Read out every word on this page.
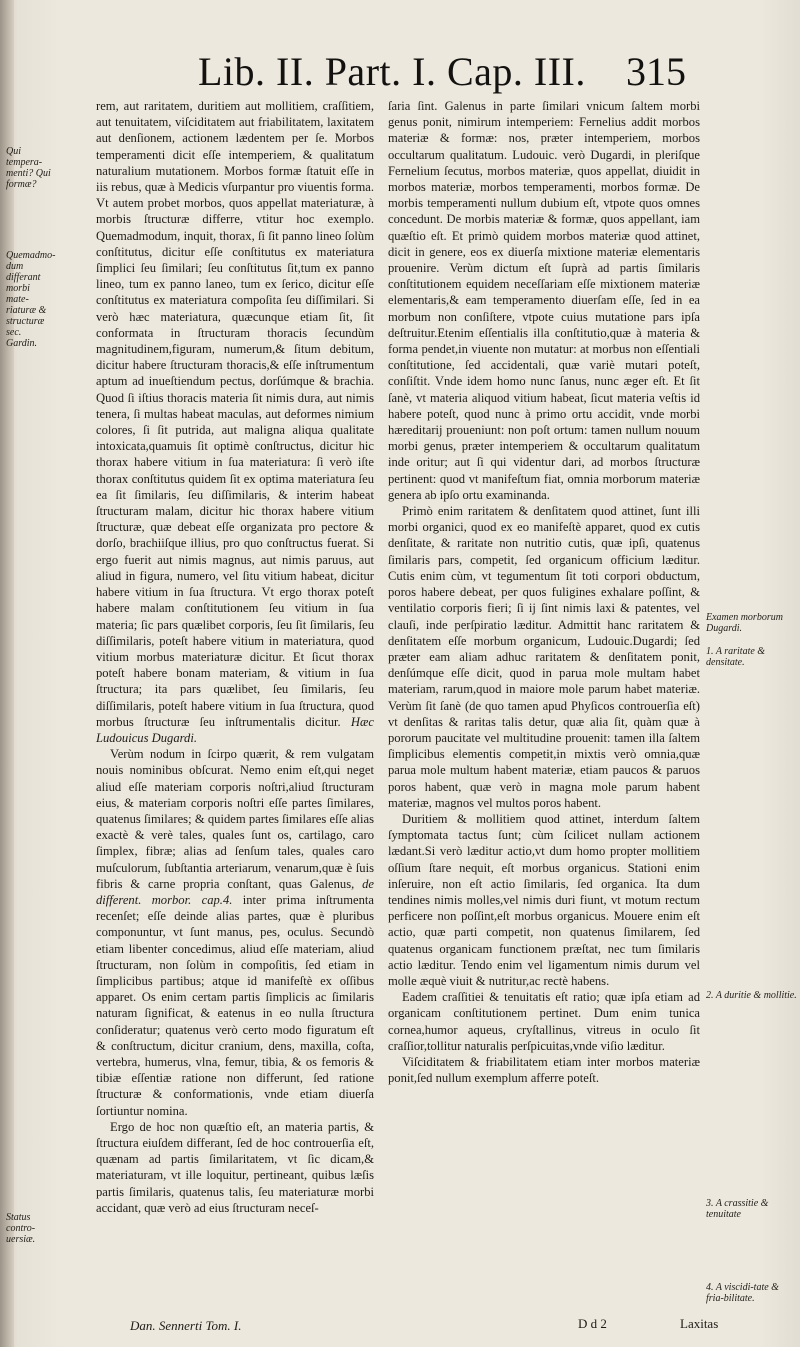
Lib. II. Part. I. Cap. III. 315
Qui tempera-menti? Qui formæ?
Quemadmo-dum differant morbi mate-riaturæ & structuræ sec. Gardin.
Status contro-uersiæ.
Examen morborum Dugardi.
1. A raritate & densitate.
2. A duritie & mollitie.
3. A crassitie & tenuitate
4. A viscidi-tate & fria-bilitate.

rem, aut raritatem, duritiem aut mollitiem, craſſitiem, aut tenuitatem, viſciditatem aut friabilitatem, laxitatem aut denſionem, actionem lædentem per ſe. Morbos temperamenti dicit eſſe intemperiem, & qualitatum naturalium mutationem. Morbos formæ ſtatuit eſſe in iis rebus, quæ à Medicis vſurpantur pro viuentis forma. Vt autem probet morbos, quos appellat materiaturæ, à morbis ſtructuræ differre, vtitur hoc exemplo. Quemadmodum, inquit, thorax, ſi ſit panno lineo ſolùm conſtitutus, dicitur eſſe conſtitutus ex materiatura ſimplici ſeu ſimilari; ſeu conſtitutus ſit,tum ex panno lineo, tum ex panno laneo, tum ex ſerico, dicitur eſſe conſtitutus ex materiatura compoſita ſeu diſſimilari. Si verò hæc materiatura, quæcunque etiam ſit, ſit conformata in ſtructuram thoracis ſecundùm magnitudinem,figuram, numerum,& ſitum debitum, dicitur habere ſtructuram thoracis,& eſſe inſtrumentum aptum ad inueſtiendum pectus, dorſúmque & brachia. Quod ſi iſtius thoracis materia ſit nimis dura, aut nimis tenera, ſi multas habeat maculas, aut deformes nimium colores, ſi ſit putrida, aut maligna aliqua qualitate intoxicata,quamuis ſit optimè conſtructus, dicitur hic thorax habere vitium in ſua materiatura: ſi verò iſte thorax conſtitutus quidem ſit ex optima materiatura ſeu ea ſit ſimilaris, ſeu diſſimilaris, & interim habeat ſtructuram malam, dicitur hic thorax habere vitium ſtructuræ, quæ debeat eſſe organizata pro pectore & dorſo, brachiiſque illius, pro quo conſtructus fuerat. Si ergo fuerit aut nimis magnus, aut nimis paruus, aut aliud in figura, numero, vel ſitu vitium habeat, dicitur habere vitium in ſua ſtructura. Vt ergo thorax poteſt habere malam conſtitutionem ſeu vitium in ſua materia; ſic pars quælibet corporis, ſeu ſit ſimilaris, ſeu diſſimilaris, poteſt habere vitium in materiatura, quod vitium morbus materiaturæ dicitur. Et ſicut thorax poteſt habere bonam materiam, & vitium in ſua ſtructura; ita pars quælibet, ſeu ſimilaris, ſeu diſſimilaris, poteſt habere vitium in ſua ſtructura, quod morbus ſtructuræ ſeu inſtrumentalis dicitur. Hæc Ludouicus Dugardi.

Verùm nodum in ſcirpo quærit, & rem vulgatam nouis nominibus obſcurat. Nemo enim eſt,qui neget aliud eſſe materiam corporis noſtri,aliud ſtructuram eius, & materiam corporis noſtri eſſe partes ſimilares, quatenus ſimilares; & quidem partes ſimilares eſſe alias exactè & verè tales, quales ſunt os, cartilago, caro ſimplex, fibræ; alias ad ſenſum tales, quales caro muſculorum, ſubſtantia arteriarum, venarum,quæ è ſuis fibris & carne propria conſtant, quas Galenus, de different. morbor. cap.4. inter prima inſtrumenta recenſet; eſſe deinde alias partes, quæ è pluribus componuntur, vt ſunt manus, pes, oculus. Secundò etiam libenter concedimus, aliud eſſe materiam, aliud ſtructuram, non ſolùm in compoſitis, ſed etiam in ſimplicibus partibus; atque id manifeſtè ex oſſibus apparet. Os enim certam partis ſimplicis ac ſimilaris naturam ſignificat, & eatenus in eo nulla ſtructura conſideratur; quatenus verò certo modo figuratum eſt & conſtructum, dicitur cranium, dens, maxilla, coſta, vertebra, humerus, vlna, femur, tibia, & os femoris & tibiæ eſſentiæ ratione non differunt, ſed ratione ſtructuræ & conformationis, vnde etiam diuerſa ſortiuntur nomina.

Ergo de hoc non quæſtio eſt, an materia partis, & ſtructura eiuſdem differant, ſed de hoc controuerſia eſt, quænam ad partis ſimilaritatem, vt ſic dicam,& materiaturam, vt ille loquitur, pertineant, quibus læſis partis ſimilaris, quatenus talis, ſeu materiaturæ morbi accidant, quæ verò ad eius ſtructuram neceſ-

ſaria ſint. Galenus in parte ſimilari vnicum ſaltem morbi genus ponit, nimirum intemperiem: Fernelius addit morbos materiæ & formæ: nos, præter intemperiem, morbos occultarum qualitatum. Ludouic. verò Dugardi, in pleriſque Fernelium ſecutus, morbos materiæ, quos appellat, diuidit in morbos materiæ, morbos temperamenti, morbos formæ. De morbis temperamenti nullum dubium eſt, vtpote quos omnes concedunt. De morbis materiæ & formæ, quos appellant, iam quæſtio eſt. Et primò quidem morbos materiæ quod attinet, dicit in genere, eos ex diuerſa mixtione materiæ elementaris prouenire. Verùm dictum eſt ſuprà ad partis ſimilaris conſtitutionem equidem neceſſariam eſſe mixtionem materiæ elementaris,& eam temperamento diuerſam eſſe, ſed in ea morbum non conſiſtere, vtpote cuius mutatione pars ipſa deſtruitur.Etenim eſſentialis illa conſtitutio,quæ à materia & forma pendet,in viuente non mutatur: at morbus non eſſentiali conſtitutione, ſed accidentali, quæ variè mutari poteſt, conſiſtit. Vnde idem homo nunc ſanus, nunc æger eſt. Et ſit ſanè, vt materia aliquod vitium habeat, ſicut materia veſtis id habere poteſt, quod nunc à primo ortu accidit, vnde morbi hæreditarij proueniunt: non poſt ortum: tamen nullum nouum morbi genus, præter intemperiem & occultarum qualitatum inde oritur; aut ſi qui videntur dari, ad morbos ſtructuræ pertinent: quod vt manifeſtum fiat, omnia morborum materiæ genera ab ipſo ortu examinanda.

Primò enim raritatem & denſitatem quod attinet, ſunt illi morbi organici, quod ex eo manifeſtè apparet, quod ex cutis denſitate, & raritate non nutritio cutis, quæ ipſi, quatenus ſimilaris pars, competit, ſed organicum officium læditur. Cutis enim cùm, vt tegumentum ſit toti corpori obductum, poros habere debeat, per quos fuligines exhalare poſſint, & ventilatio corporis fieri; ſi ij ſint nimis laxi & patentes, vel clauſi, inde perſpiratio læditur. Admittit hanc raritatem & denſitatem eſſe morbum organicum, Ludouic.Dugardi; ſed præter eam aliam adhuc raritatem & denſitatem ponit, denſúmque eſſe dicit, quod in parua mole multam habet materiam, rarum,quod in maiore mole parum habet materiæ. Verùm ſit ſanè (de quo tamen apud Phyſicos controuerſia eſt) vt denſitas & raritas talis detur, quæ alia ſit, quàm quæ à pororum paucitate vel multitudine prouenit: tamen illa ſaltem ſimplicibus elementis competit,in mixtis verò omnia,quæ parua mole multum habent materiæ, etiam paucos & paruos poros habent, quæ verò in magna mole parum habent materiæ, magnos vel multos poros habent.

Duritiem & mollitiem quod attinet, interdum ſaltem ſymptomata tactus ſunt; cùm ſcilicet nullam actionem lædant.Si verò læditur actio,vt dum homo propter mollitiem oſſium ſtare nequit, eſt morbus organicus. Stationi enim inſeruire, non eſt actio ſimilaris, ſed organica. Ita dum tendines nimis molles,vel nimis duri fiunt, vt motum rectum perficere non poſſint,eſt morbus organicus. Mouere enim eſt actio, quæ parti competit, non quatenus ſimilarem, ſed quatenus organicam functionem præſtat, nec tum ſimilaris actio læditur. Tendo enim vel ligamentum nimis durum vel molle æquè viuit & nutritur,ac rectè habens.

Eadem craſſitiei & tenuitatis eſt ratio; quæ ipſa etiam ad organicam conſtitutionem pertinet. Dum enim tunica cornea,humor aqueus, cryſtallinus, vitreus in oculo ſit craſſior,tollitur naturalis perſpicuitas,vnde viſio læditur.

Viſciditatem & friabilitatem etiam inter morbos materiæ ponit,ſed nullum exemplum afferre poteſt.

Dan. Sennerti Tom. I.	D d 2	Laxitas
